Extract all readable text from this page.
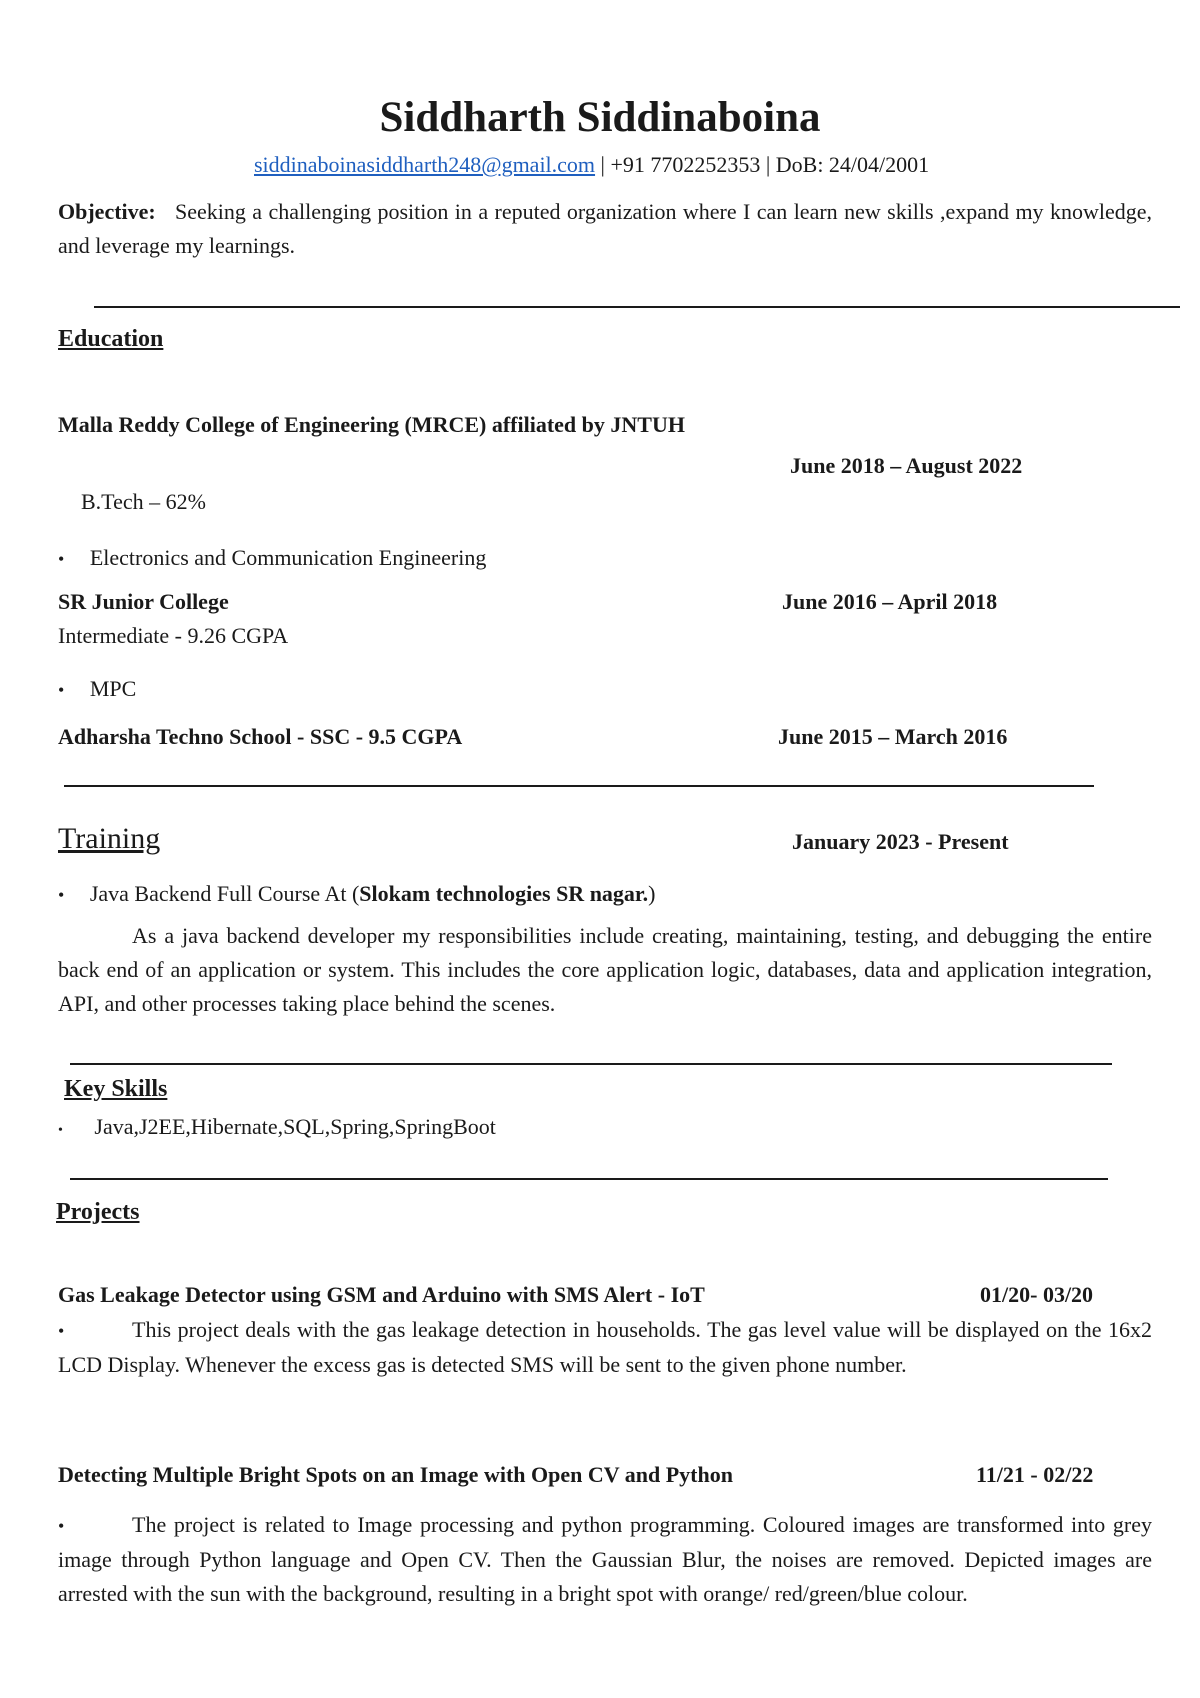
Siddharth Siddinaboina
siddinaboinasiddharth248@gmail.com | +91 7702252353 | DoB: 24/04/2001
Objective: Seeking a challenging position in a reputed organization where I can learn new skills ,expand my knowledge, and leverage my learnings.
Education
Malla Reddy College of Engineering (MRCE) affiliated by JNTUH
June 2018 – August 2022
B.Tech – 62%
• Electronics and Communication Engineering
SR Junior College	June 2016 – April 2018
Intermediate - 9.26 CGPA
• MPC
Adharsha Techno School - SSC - 9.5 CGPA	June 2015 – March 2016
Training	January 2023 - Present
• Java Backend Full Course At (Slokam technologies SR nagar.)
As a java backend developer my responsibilities include creating, maintaining, testing, and debugging the entire back end of an application or system. This includes the core application logic, databases, data and application integration, API, and other processes taking place behind the scenes.
Key Skills
• Java,J2EE,Hibernate,SQL,Spring,SpringBoot
Projects
Gas Leakage Detector using GSM and Arduino with SMS Alert - IoT	01/20- 03/20
•	This project deals with the gas leakage detection in households. The gas level value will be displayed on the 16x2 LCD Display. Whenever the excess gas is detected SMS will be sent to the given phone number.
Detecting Multiple Bright Spots on an Image with Open CV and Python	11/21 - 02/22
•	The project is related to Image processing and python programming. Coloured images are transformed into grey image through Python language and Open CV. Then the Gaussian Blur, the noises are removed. Depicted images are arrested with the sun with the background, resulting in a bright spot with orange/ red/green/blue colour.
